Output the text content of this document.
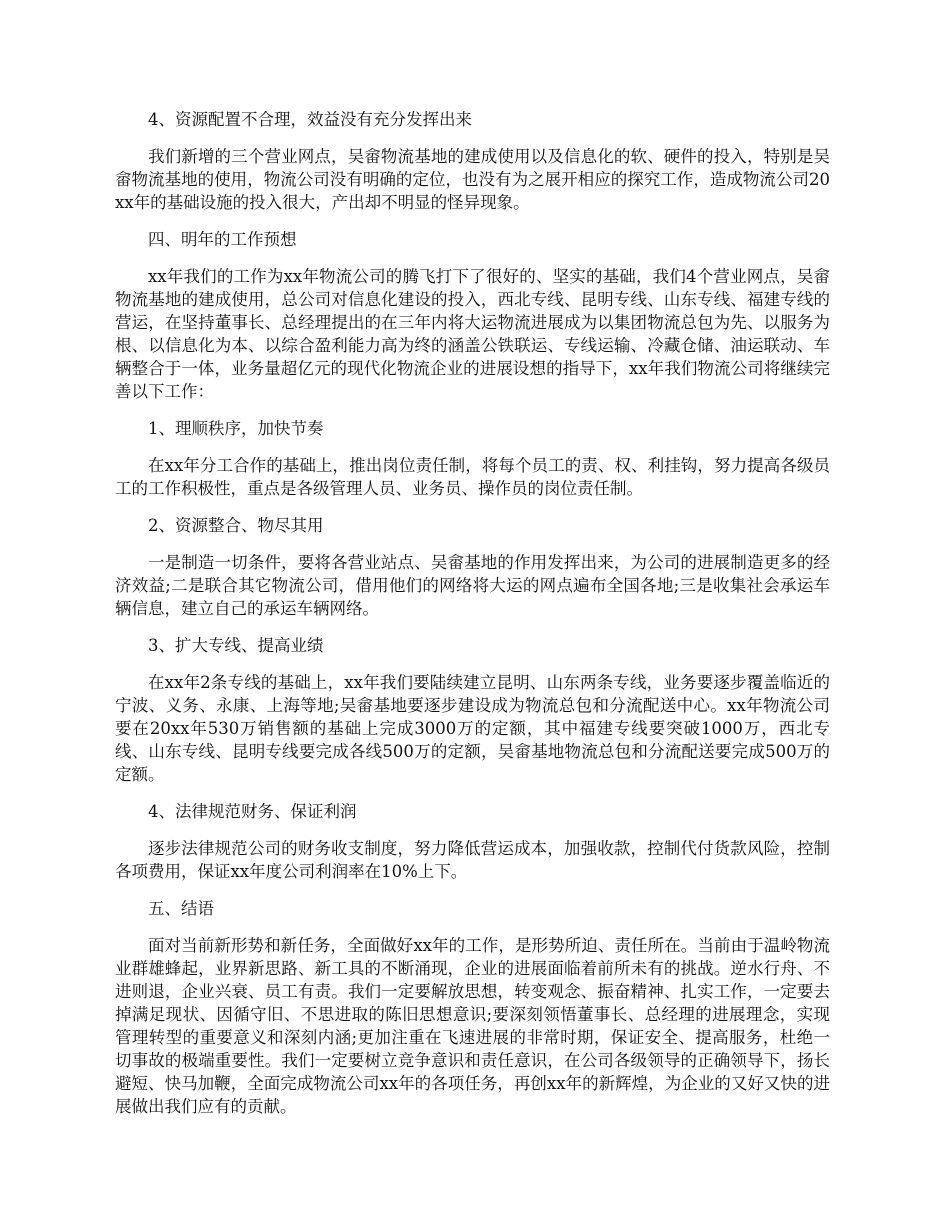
4、资源配置不合理，效益没有充分发挥出来
我们新增的三个营业网点，吴畲物流基地的建成使用以及信息化的软、硬件的投入，特别是吴畲物流基地的使用，物流公司没有明确的定位，也没有为之展开相应的探究工作，造成物流公司20xx年的基础设施的投入很大，产出却不明显的怪异现象。
四、明年的工作预想
xx年我们的工作为xx年物流公司的腾飞打下了很好的、坚实的基础，我们4个营业网点，吴畲物流基地的建成使用，总公司对信息化建设的投入，西北专线、昆明专线、山东专线、福建专线的营运，在坚持董事长、总经理提出的在三年内将大运物流进展成为以集团物流总包为先、以服务为根、以信息化为本、以综合盈利能力高为终的涵盖公铁联运、专线运输、冷藏仓储、油运联动、车辆整合于一体，业务量超亿元的现代化物流企业的进展设想的指导下，xx年我们物流公司将继续完善以下工作：
1、理顺秩序，加快节奏
在xx年分工合作的基础上，推出岗位责任制，将每个员工的责、权、利挂钩，努力提高各级员工的工作积极性，重点是各级管理人员、业务员、操作员的岗位责任制。
2、资源整合、物尽其用
一是制造一切条件，要将各营业站点、吴畲基地的作用发挥出来，为公司的进展制造更多的经济效益;二是联合其它物流公司，借用他们的网络将大运的网点遍布全国各地;三是收集社会承运车辆信息，建立自己的承运车辆网络。
3、扩大专线、提高业绩
在xx年2条专线的基础上，xx年我们要陆续建立昆明、山东两条专线，业务要逐步覆盖临近的宁波、义务、永康、上海等地;吴畲基地要逐步建设成为物流总包和分流配送中心。xx年物流公司要在20xx年530万销售额的基础上完成3000万的定额，其中福建专线要突破1000万，西北专线、山东专线、昆明专线要完成各线500万的定额，吴畲基地物流总包和分流配送要完成500万的定额。
4、法律规范财务、保证利润
逐步法律规范公司的财务收支制度，努力降低营运成本，加强收款，控制代付货款风险，控制各项费用，保证xx年度公司利润率在10%上下。
五、结语
面对当前新形势和新任务，全面做好xx年的工作，是形势所迫、责任所在。当前由于温岭物流业群雄蜂起，业界新思路、新工具的不断涌现，企业的进展面临着前所未有的挑战。逆水行舟、不进则退，企业兴衰、员工有责。我们一定要解放思想，转变观念、振奋精神、扎实工作，一定要去掉满足现状、因循守旧、不思进取的陈旧思想意识;要深刻领悟董事长、总经理的进展理念，实现管理转型的重要意义和深刻内涵;更加注重在飞速进展的非常时期，保证安全、提高服务，杜绝一切事故的极端重要性。我们一定要树立竞争意识和责任意识，在公司各级领导的正确领导下，扬长避短、快马加鞭，全面完成物流公司xx年的各项任务，再创xx年的新辉煌，为企业的又好又快的进展做出我们应有的贡献。
